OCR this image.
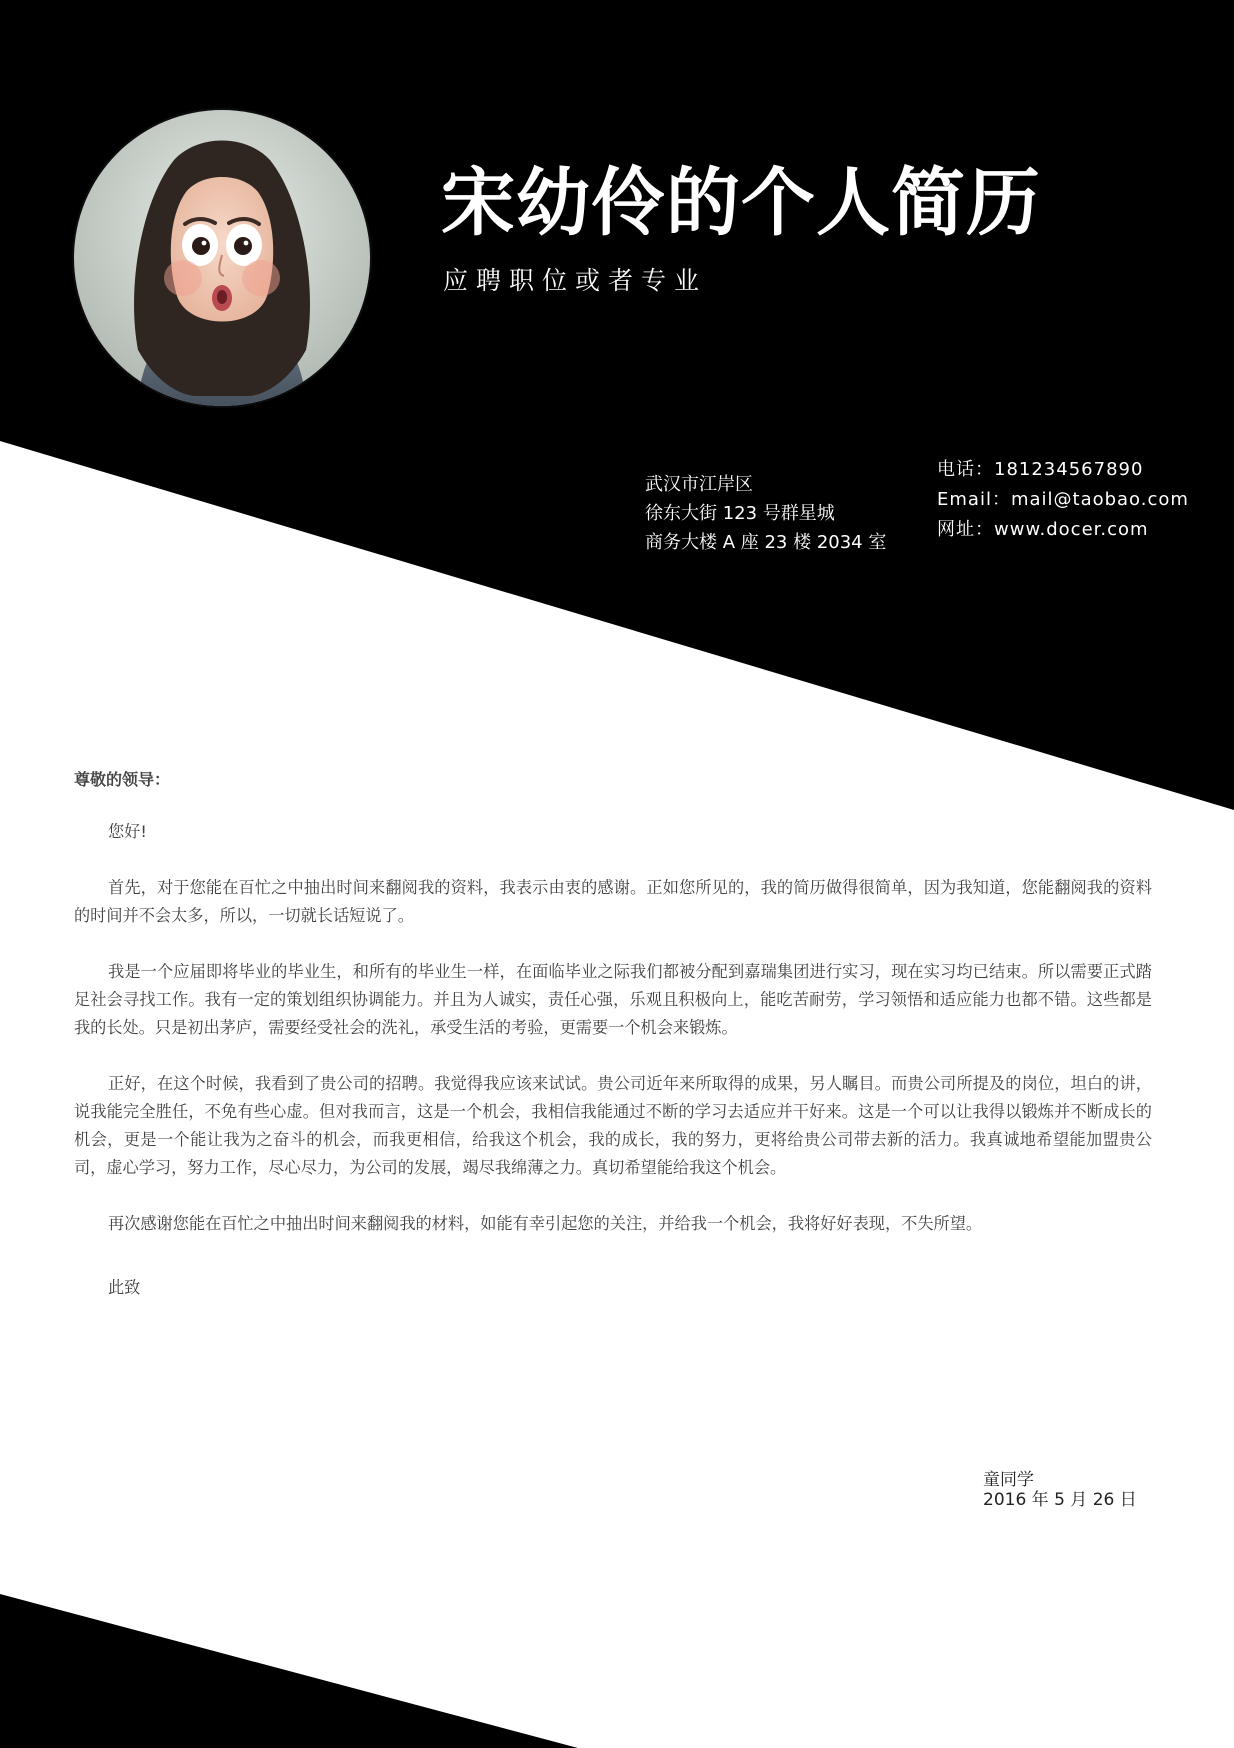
宋幼伶的个人简历
应聘职位或者专业
武汉市江岸区
徐东大街 123 号群星城
商务大楼 A 座 23 楼 2034 室
电话：181234567890
Email：mail@taobao.com
网址：www.docer.com
尊敬的领导：

您好!

首先，对于您能在百忙之中抽出时间来翻阅我的资料，我表示由衷的感谢。正如您所见的，我的简历做得很简单，因为我知道，您能翻阅我的资料的时间并不会太多，所以，一切就长话短说了。

我是一个应届即将毕业的毕业生，和所有的毕业生一样，在面临毕业之际我们都被分配到嘉瑞集团进行实习，现在实习均已结束。所以需要正式踏足社会寻找工作。我有一定的策划组织协调能力。并且为人诚实，责任心强，乐观且积极向上，能吃苦耐劳，学习领悟和适应能力也都不错。这些都是我的长处。只是初出茅庐，需要经受社会的洗礼，承受生活的考验，更需要一个机会来锻炼。

正好，在这个时候，我看到了贵公司的招聘。我觉得我应该来试试。贵公司近年来所取得的成果，另人瞩目。而贵公司所提及的岗位，坦白的讲，说我能完全胜任，不免有些心虚。但对我而言，这是一个机会，我相信我能通过不断的学习去适应并干好来。这是一个可以让我得以锻炼并不断成长的机会，更是一个能让我为之奋斗的机会，而我更相信，给我这个机会，我的成长，我的努力，更将给贵公司带去新的活力。我真诚地希望能加盟贵公司，虚心学习，努力工作，尽心尽力，为公司的发展，竭尽我绵薄之力。真切希望能给我这个机会。

再次感谢您能在百忙之中抽出时间来翻阅我的材料，如能有幸引起您的关注，并给我一个机会，我将好好表现，不失所望。

此致
童同学
2016 年 5 月 26 日
